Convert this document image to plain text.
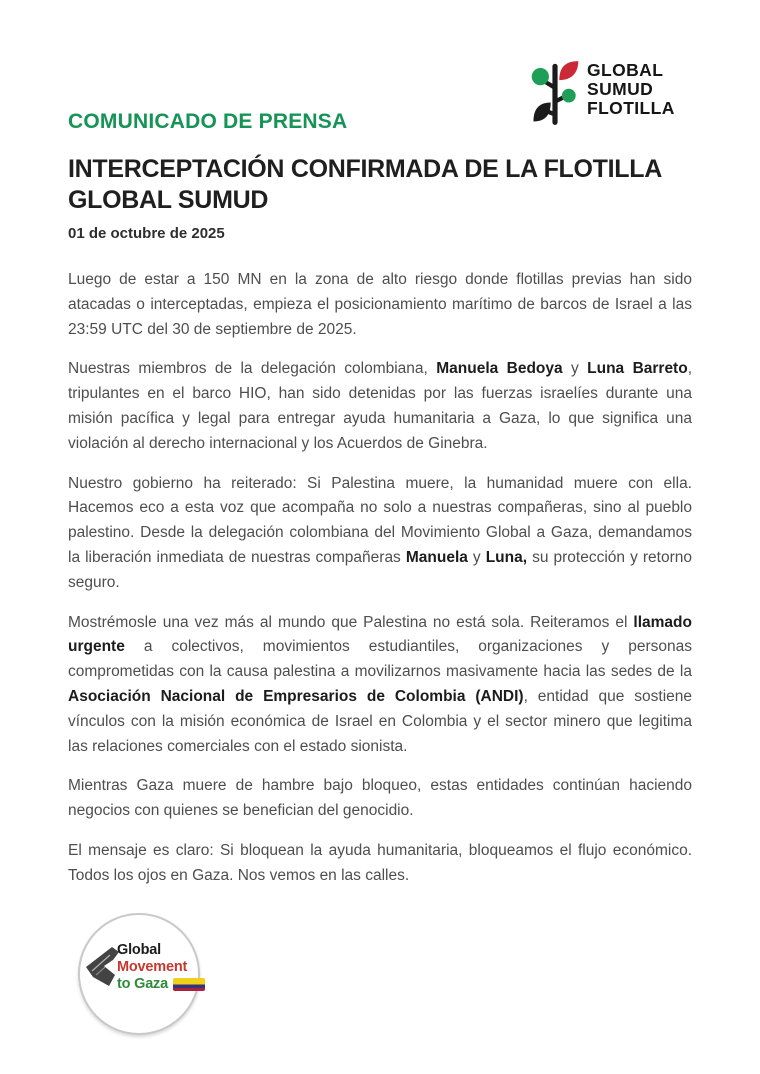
GLOBAL
SUMUD
FLOTILLA
COMUNICADO DE PRENSA
INTERCEPTACIÓN CONFIRMADA DE LA FLOTILLA GLOBAL SUMUD
01 de octubre de 2025

Luego de estar a 150 MN en la zona de alto riesgo donde flotillas previas han sido atacadas o interceptadas, empieza el posicionamiento marítimo de barcos de Israel a las 23:59 UTC del 30 de septiembre de 2025.

Nuestras miembros de la delegación colombiana, Manuela Bedoya y Luna Barreto, tripulantes en el barco HIO, han sido detenidas por las fuerzas israelíes durante una misión pacífica y legal para entregar ayuda humanitaria a Gaza, lo que significa una violación al derecho internacional y los Acuerdos de Ginebra.

Nuestro gobierno ha reiterado: Si Palestina muere, la humanidad muere con ella. Hacemos eco a esta voz que acompaña no solo a nuestras compañeras, sino al pueblo palestino. Desde la delegación colombiana del Movimiento Global a Gaza, demandamos la liberación inmediata de nuestras compañeras Manuela y Luna, su protección y retorno seguro.

Mostrémosle una vez más al mundo que Palestina no está sola. Reiteramos el llamado urgente a colectivos, movimientos estudiantiles, organizaciones y personas comprometidas con la causa palestina a movilizarnos masivamente hacia las sedes de la Asociación Nacional de Empresarios de Colombia (ANDI), entidad que sostiene vínculos con la misión económica de Israel en Colombia y el sector minero que legitima las relaciones comerciales con el estado sionista.

Mientras Gaza muere de hambre bajo bloqueo, estas entidades continúan haciendo negocios con quienes se benefician del genocidio.

El mensaje es claro: Si bloquean la ayuda humanitaria, bloqueamos el flujo económico. Todos los ojos en Gaza. Nos vemos en las calles.

Global
Movement
to Gaza
